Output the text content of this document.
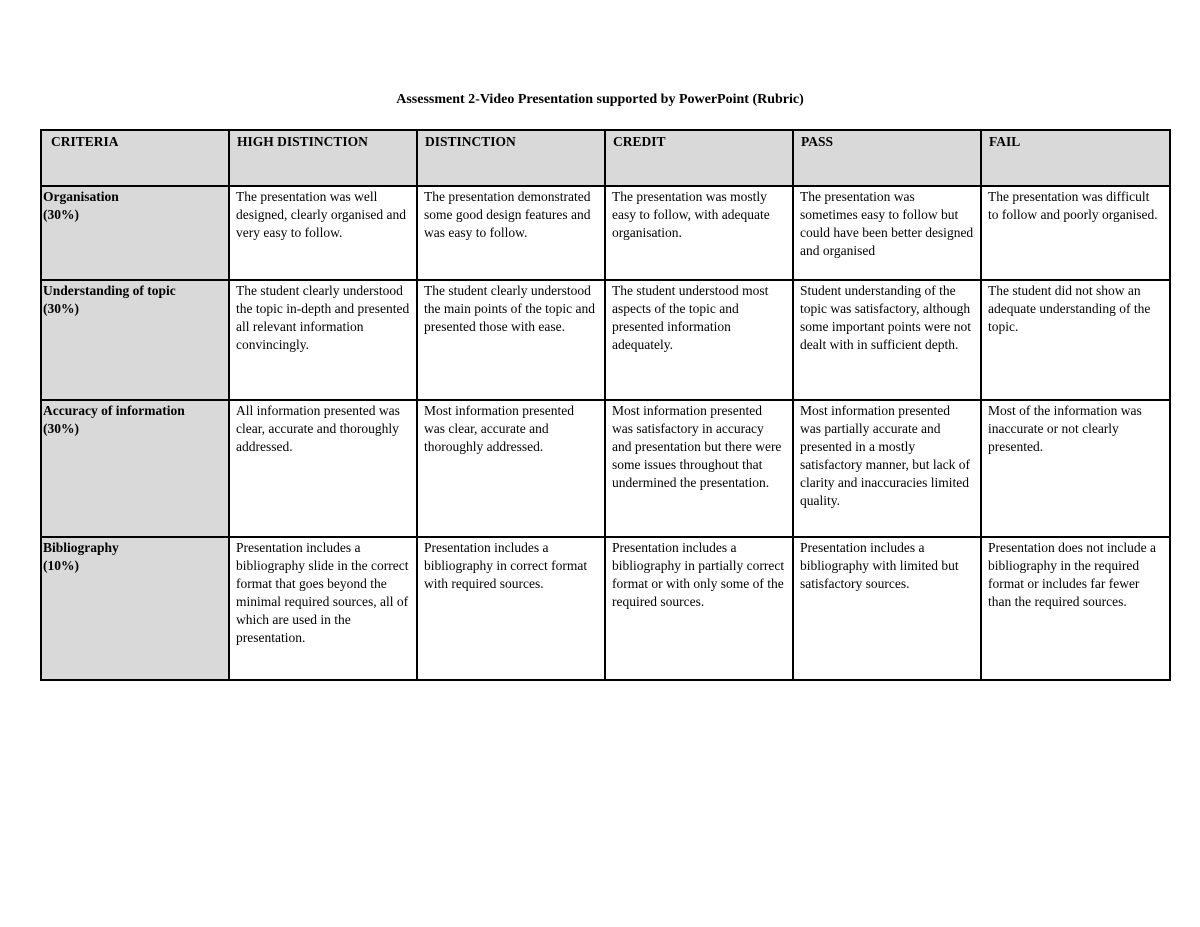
Assessment 2-Video Presentation supported by PowerPoint (Rubric)
CRITERIA	HIGH DISTINCTION	DISTINCTION	CREDIT	PASS	FAIL

Organisation
(30%)	The presentation was well designed, clearly organised and very easy to follow.	The presentation demonstrated some good design features and was easy to follow.	The presentation was mostly easy to follow, with adequate organisation.	The presentation was sometimes easy to follow but could have been better designed and organised	The presentation was difficult to follow and poorly organised.

Understanding of topic
(30%)	The student clearly understood the topic in-depth and presented all relevant information convincingly.	The student clearly understood the main points of the topic and presented those with ease.	The student understood most aspects of the topic and presented information adequately.	Student understanding of the topic was satisfactory, although some important points were not dealt with in sufficient depth.	The student did not show an adequate understanding of the topic.

Accuracy of information
(30%)	All information presented was clear, accurate and thoroughly addressed.	Most information presented was clear, accurate and thoroughly addressed.	Most information presented was satisfactory in accuracy and presentation but there were some issues throughout that undermined the presentation.	Most information presented was partially accurate and presented in a mostly satisfactory manner, but lack of clarity and inaccuracies limited quality.	Most of the information was inaccurate or not clearly presented.

Bibliography
(10%)	Presentation includes a bibliography slide in the correct format that goes beyond the minimal required sources, all of which are used in the presentation.	Presentation includes a bibliography in correct format with required sources.	Presentation includes a bibliography in partially correct format or with only some of the required sources.	Presentation includes a bibliography with limited but satisfactory sources.	Presentation does not include a bibliography in the required format or includes far fewer than the required sources.
